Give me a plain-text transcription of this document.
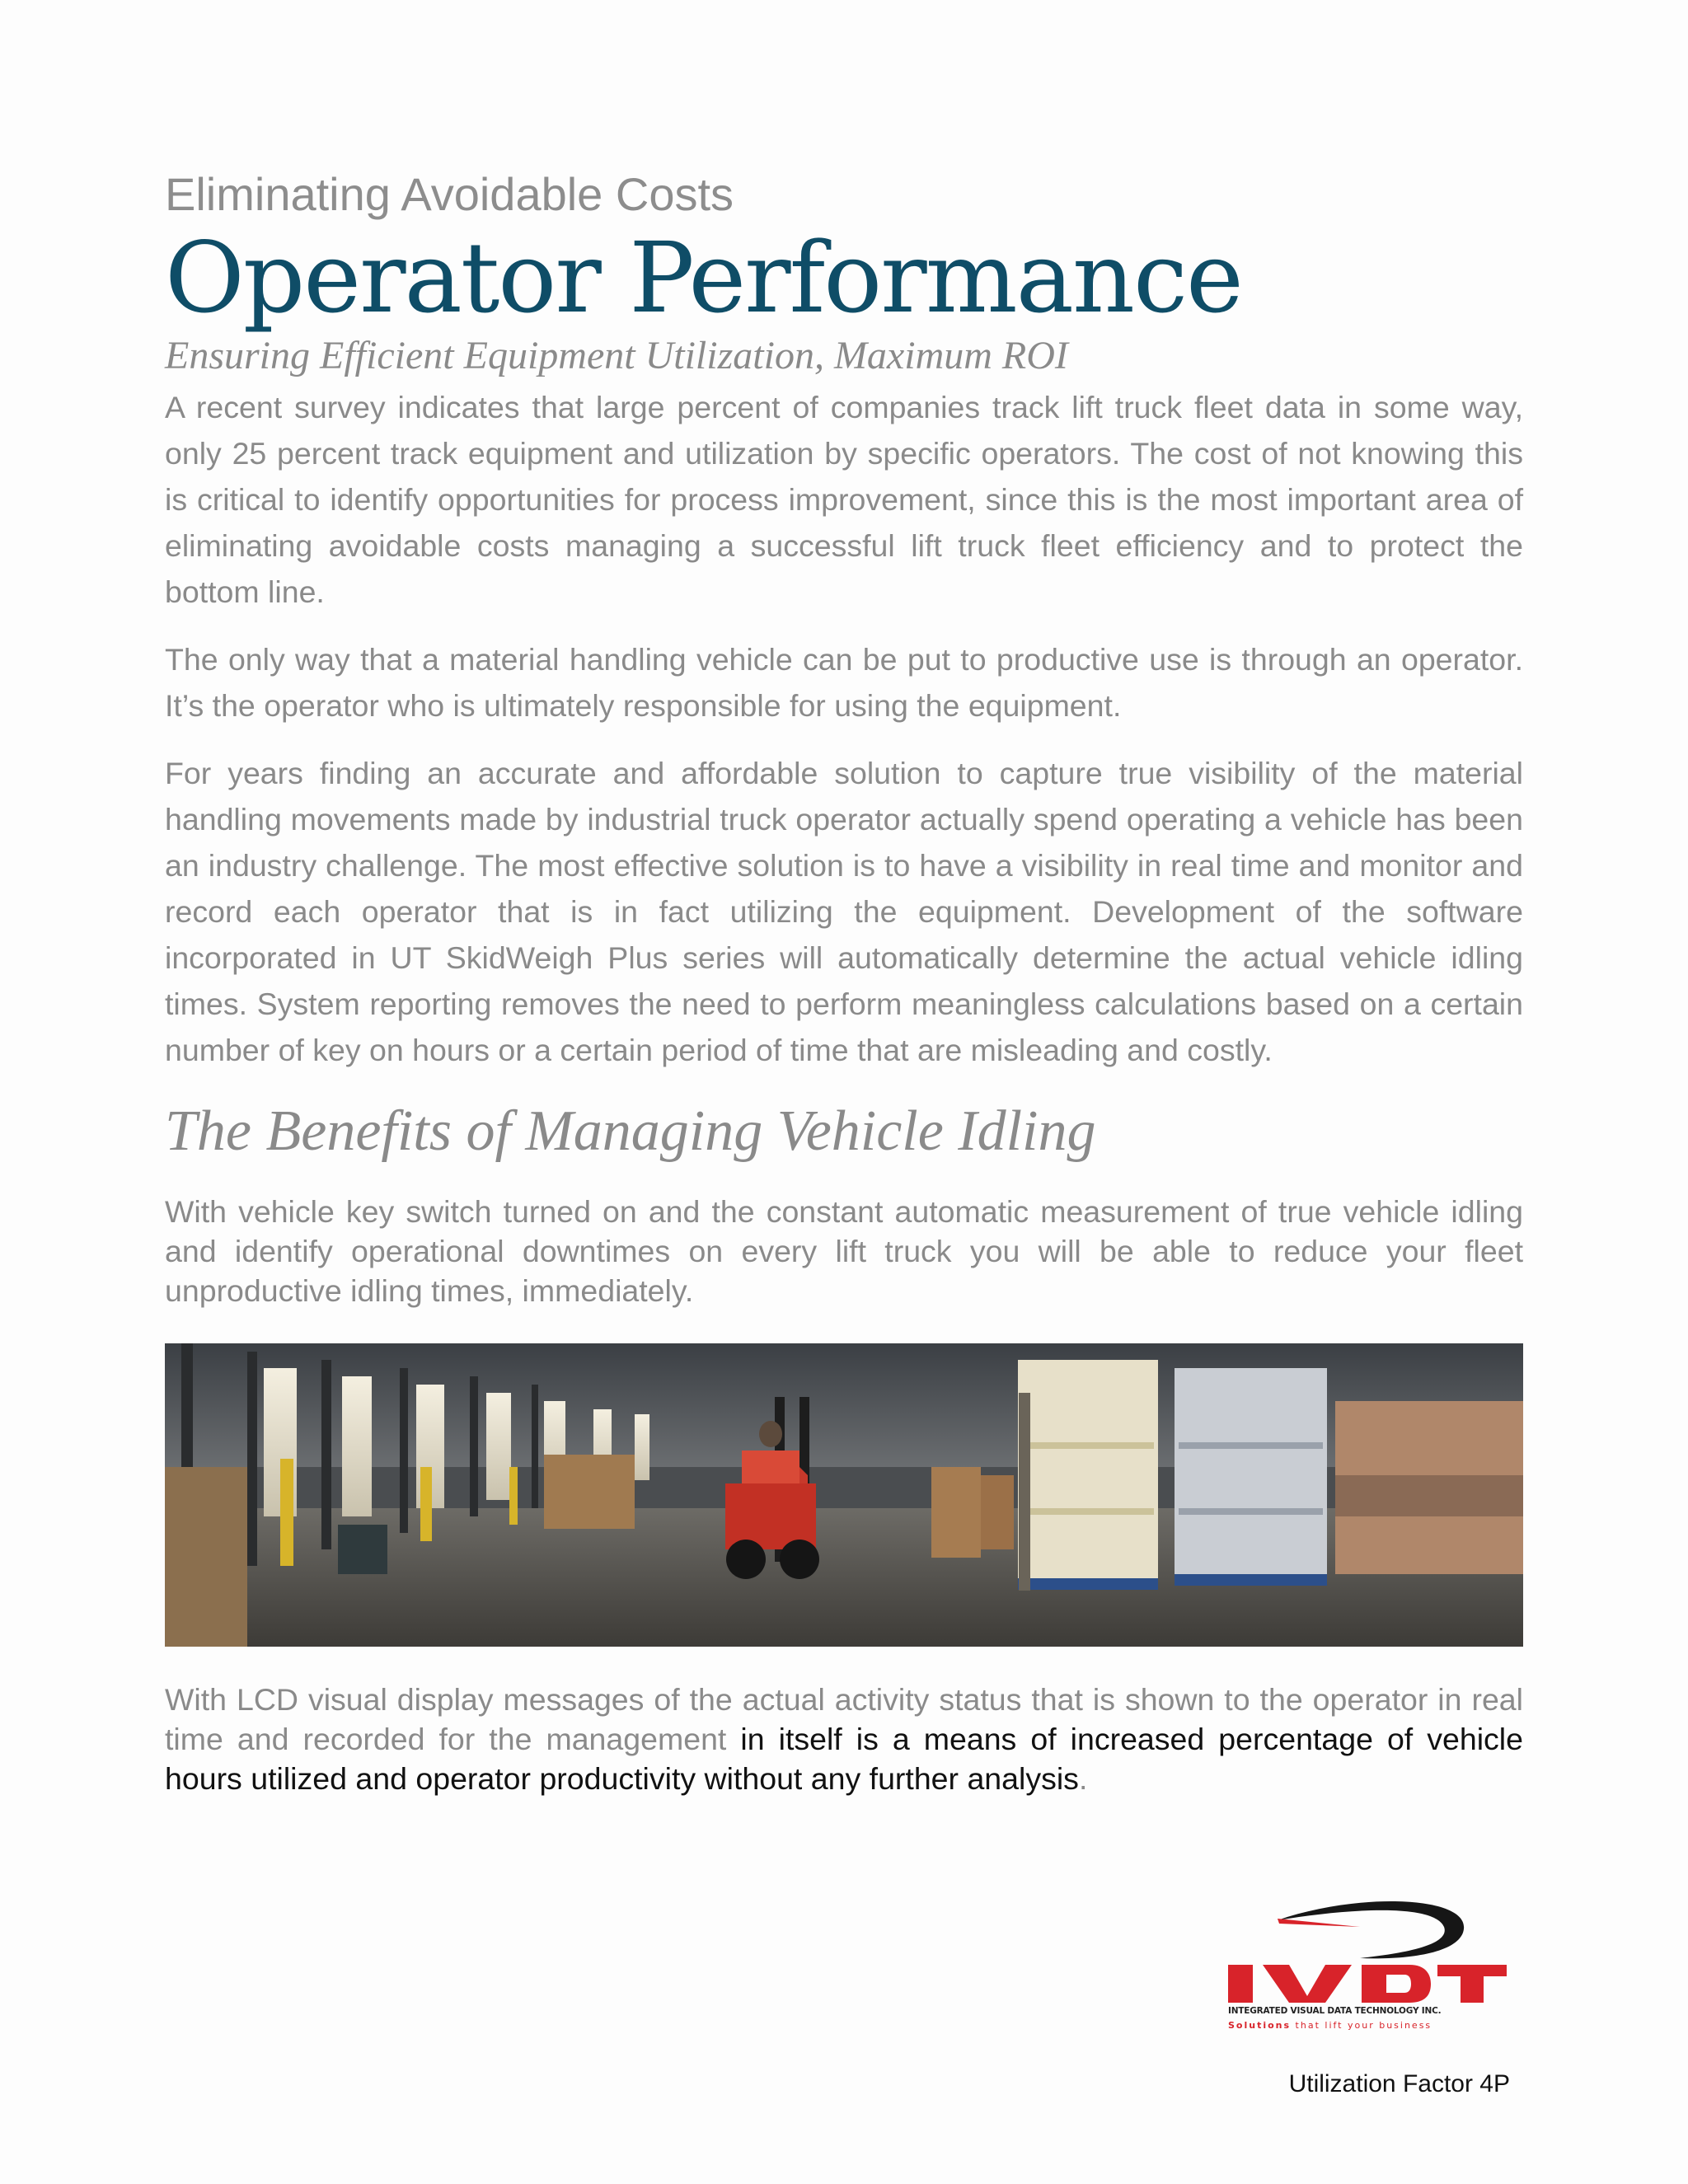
Eliminating Avoidable Costs
Operator Performance
Ensuring Efficient Equipment Utilization, Maximum ROI

A recent survey indicates that large percent of companies track lift truck fleet data in some way, only 25 percent track equipment and utilization by specific operators. The cost of not knowing this is critical to identify opportunities for process improvement, since this is the most important area of eliminating avoidable costs managing a successful lift truck fleet efficiency and to protect the bottom line.

The only way that a material handling vehicle can be put to productive use is through an operator. It’s the operator who is ultimately responsible for using the equipment.

For years finding an accurate and affordable solution to capture true visibility of the material handling movements made by industrial truck operator actually spend operating a vehicle has been an industry challenge. The most effective solution is to have a visibility in real time and monitor and record each operator that is in fact utilizing the equipment. Development of the software incorporated in UT SkidWeigh Plus series will automatically determine the actual vehicle idling times. System reporting removes the need to perform meaningless calculations based on a certain number of key on hours or a certain period of time that are misleading and costly.

The Benefits of Managing Vehicle Idling

With vehicle key switch turned on and the constant automatic measurement of true vehicle idling and identify operational downtimes on every lift truck you will be able to reduce your fleet unproductive idling times, immediately.

With LCD visual display messages of the actual activity status that is shown to the operator in real time and recorded for the management in itself is a means of increased percentage of vehicle hours utilized and operator productivity without any further analysis.

INTEGRATED VISUAL DATA TECHNOLOGY INC.
Solutions that lift your business
Utilization Factor 4P
